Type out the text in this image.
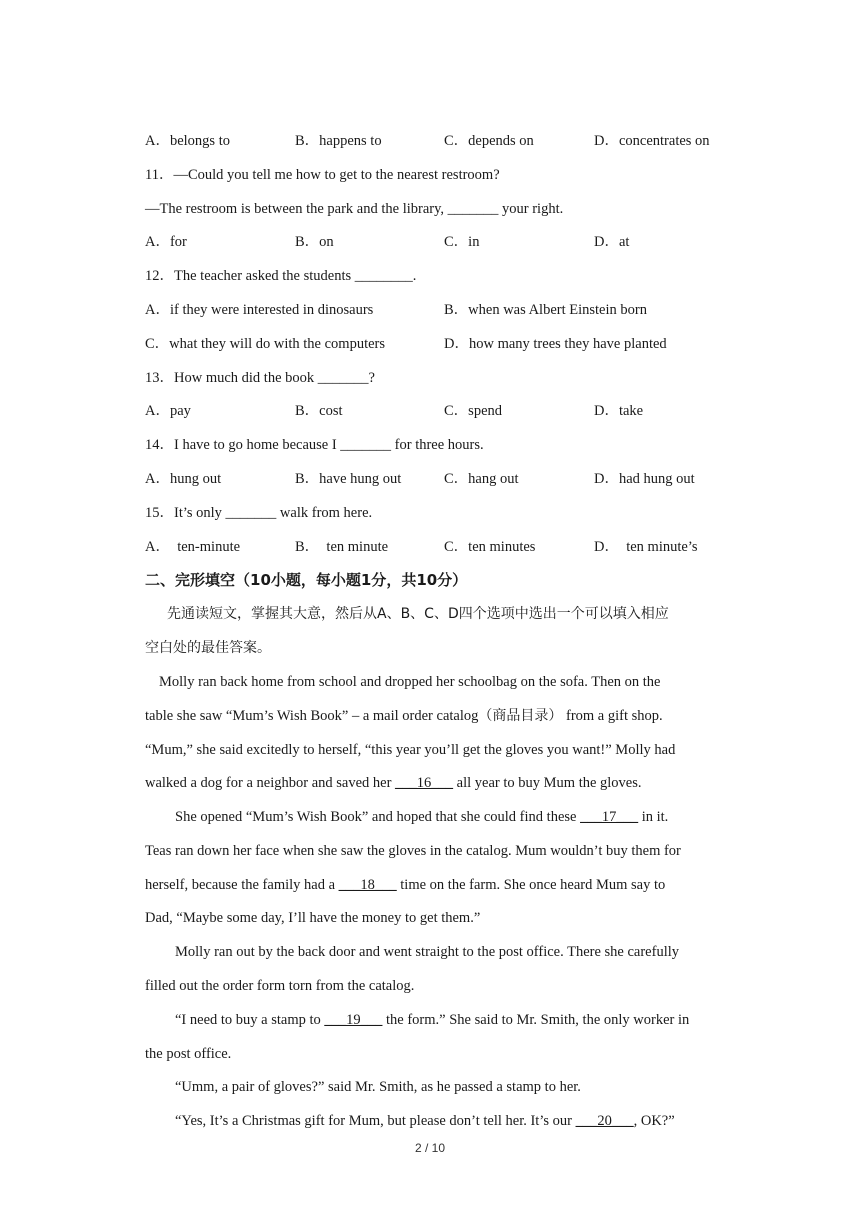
A．belongs to	B．happens to	C．depends on	D．concentrates on
11．—Could you tell me how to get to the nearest restroom?
—The restroom is between the park and the library, _______ your right.
A．for	B．on	C．in	D．at
12．The teacher asked the students ________.
A．if they were interested in dinosaurs	B．when was Albert Einstein born
C．what they will do with the computers	D．how many trees they have planted
13．How much did the book _______?
A．pay	B．cost	C．spend	D．take
14．I have to go home because I _______ for three hours.
A．hung out	B．have hung out	C．hang out	D．had hung out
15．It’s only _______ walk from here.
A．  ten-minute	B．  ten minute	C．ten minutes	D．  ten minute’s
二、完形填空（10小题，每小题1分，共10分）
先通读短文，掌握其大意，然后从A、B、C、D四个选项中选出一个可以填入相应
空白处的最佳答案。
Molly ran back home from school and dropped her schoolbag on the sofa. Then on the
table she saw “Mum’s Wish Book” – a mail order catalog（商品目录） from a gift shop.
“Mum,” she said excitedly to herself, “this year you’ll get the gloves you want!” Molly had
walked a dog for a neighbor and saved her ___16___ all year to buy Mum the gloves.
She opened “Mum’s Wish Book” and hoped that she could find these ___17___ in it.
Teas ran down her face when she saw the gloves in the catalog. Mum wouldn’t buy them for
herself, because the family had a ___18___ time on the farm. She once heard Mum say to
Dad, “Maybe some day, I’ll have the money to get them.”
Molly ran out by the back door and went straight to the post office. There she carefully
filled out the order form torn from the catalog.
“I need to buy a stamp to ___19___ the form.” She said to Mr. Smith, the only worker in
the post office.
“Umm, a pair of gloves?” said Mr. Smith, as he passed a stamp to her.
“Yes, It’s a Christmas gift for Mum, but please don’t tell her. It’s our ___20___, OK?”
2 / 10
